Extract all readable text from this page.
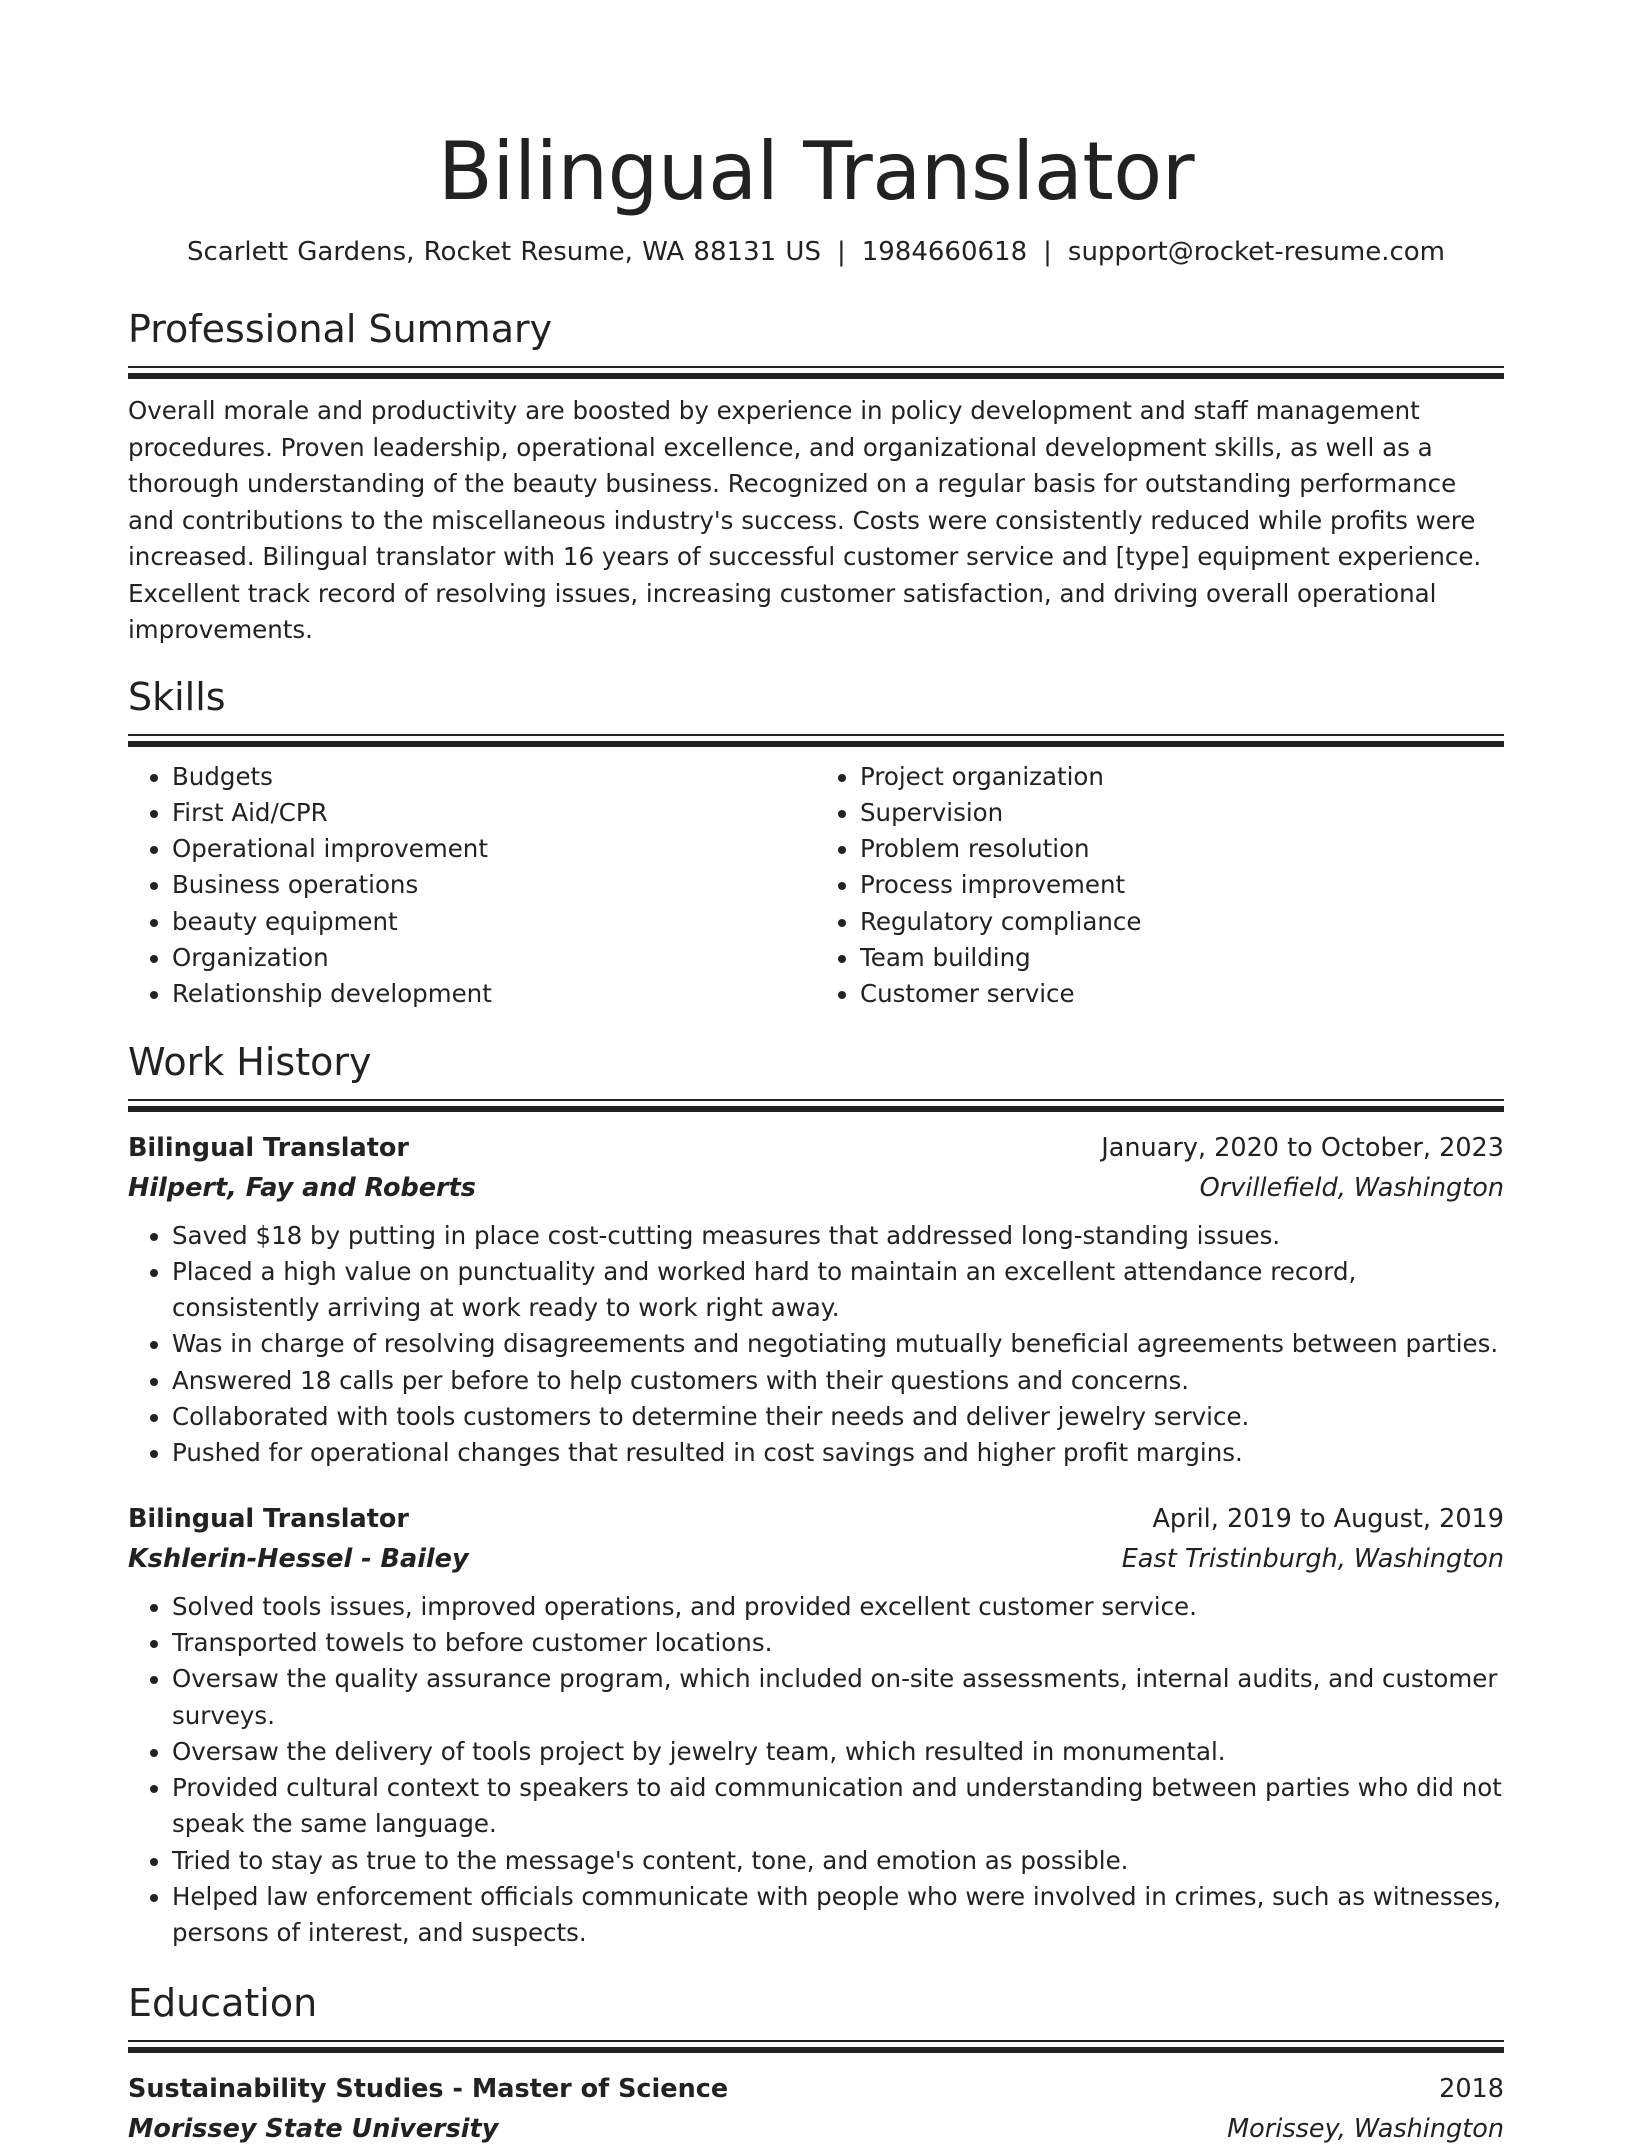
Bilingual Translator
Scarlett Gardens, Rocket Resume, WA 88131 US | 1984660618 | support@rocket-resume.com
Professional Summary
Overall morale and productivity are boosted by experience in policy development and staff management procedures. Proven leadership, operational excellence, and organizational development skills, as well as a thorough understanding of the beauty business. Recognized on a regular basis for outstanding performance and contributions to the miscellaneous industry's success. Costs were consistently reduced while profits were increased. Bilingual translator with 16 years of successful customer service and [type] equipment experience. Excellent track record of resolving issues, increasing customer satisfaction, and driving overall operational improvements.
Skills
• Budgets
• First Aid/CPR
• Operational improvement
• Business operations
• beauty equipment
• Organization
• Relationship development
• Project organization
• Supervision
• Problem resolution
• Process improvement
• Regulatory compliance
• Team building
• Customer service
Work History
Bilingual Translator	January, 2020 to October, 2023
Hilpert, Fay and Roberts	Orvillefield, Washington
• Saved $18 by putting in place cost-cutting measures that addressed long-standing issues.
• Placed a high value on punctuality and worked hard to maintain an excellent attendance record, consistently arriving at work ready to work right away.
• Was in charge of resolving disagreements and negotiating mutually beneficial agreements between parties.
• Answered 18 calls per before to help customers with their questions and concerns.
• Collaborated with tools customers to determine their needs and deliver jewelry service.
• Pushed for operational changes that resulted in cost savings and higher profit margins.
Bilingual Translator	April, 2019 to August, 2019
Kshlerin-Hessel - Bailey	East Tristinburgh, Washington
• Solved tools issues, improved operations, and provided excellent customer service.
• Transported towels to before customer locations.
• Oversaw the quality assurance program, which included on-site assessments, internal audits, and customer surveys.
• Oversaw the delivery of tools project by jewelry team, which resulted in monumental.
• Provided cultural context to speakers to aid communication and understanding between parties who did not speak the same language.
• Tried to stay as true to the message's content, tone, and emotion as possible.
• Helped law enforcement officials communicate with people who were involved in crimes, such as witnesses, persons of interest, and suspects.
Education
Sustainability Studies - Master of Science	2018
Morissey State University	Morissey, Washington
